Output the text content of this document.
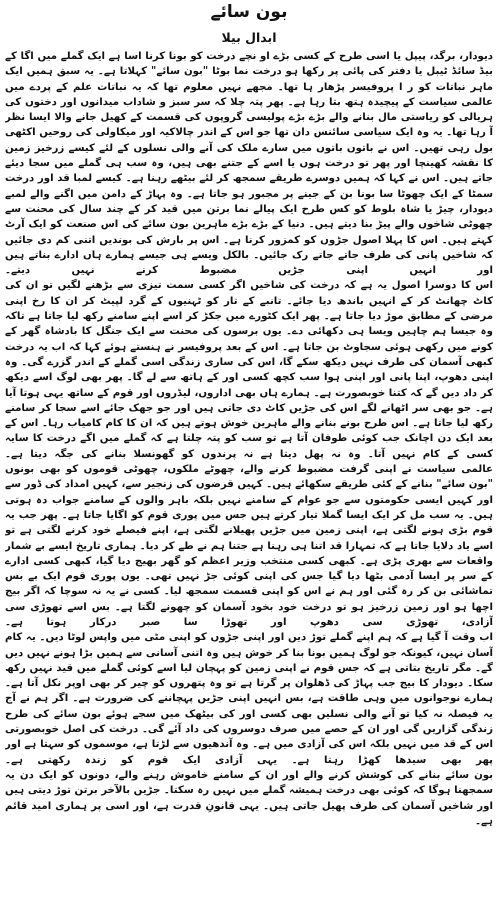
بون سائے
ابدال بیلا

دیودار، برگد، پیپل یا اسی طرح کے کسی بڑے او نچے درخت کو بونا کرنا اسا ہے ایک گملے میں اگا کے بیڈ سائڈ ٹیبل یا دفتر کی پائی پر رکھا ہو درخت نما بوٹا "بون سائے" کہلاتا ہے۔ یہ سبق ہمیں ایک ماہر نباتات کو ر ا پروفیسر پڑھار ہا تھا۔ مجھے نہیں معلوم تھا کہ یہ نباتات علم کے پردے میں عالمی سیاست کے پیچیدہ ہتھ بتا رہا ہے۔ پھر پتہ چلا کہ سر سبز و شاداب میدانوں اور دختوں کی ہریالی کو ریاستی مال بنانے والے بڑے بڑے پولیسی گروپوں کی قسمت کے کھیل جانے والا ایسا نظر آ رہا تھا۔ یہ وہ ایک سیاسی سائنس دان تھا جو اس کے اندر چالاکیہ اور میکاولی کی روحیں اکٹھی بول رہی تھیں۔ اس نے باتوں باتوں میں سارے ملک کی آنے والی نسلوں کے لئے کیسے زرخیز زمین کا نقشہ کھینچا اور پھر تو درخت ہوں یا اسے کے جتنے بھی ہیں، وہ سب ہی گملے میں سجا دیئے جاتے ہیں۔ اس نے کہا کہ ہمیں دوسرے طریقے سمجھ کر لئے بیٹھے رہنا ہے۔ کیسے لمبا قد اور درخت سمٹا کے ایک چھوٹا سا بونا بن کے جینے پر مجبور ہو جاتا ہے۔ وہ پہاڑ کے دامن میں اگنے والے لمبے دیودار، چیڑ یا شاہ بلوط کو کس طرح ایک پیالے نما برتن میں قید کر کے چند سال کی محنت سے چھوٹی شاخوں والے پیڑ بنا دیتے ہیں۔ دنیا کے بڑے بڑے ماہرین بون سائے کی اس صنعت کو ایک آرٹ کہتے ہیں۔ اس کا پہلا اصول جڑوں کو کمزور کرنا ہے۔ اس پر بارش کی بوندیں اتنی کم دی جائیں کہ شاخیں پانی کی طرف جاتے جاتے رک جائیں۔ بالکل ویسے ہی جیسے ہمارے ہاں ادارے بناتے ہیں اور انہیں اپنی جڑیں مضبوط کرنے نہیں دیتے۔

اس کا دوسرا اصول یہ ہے کہ درخت کی شاخیں اگر کسی سمت تیزی سے بڑھنے لگیں تو ان کی کاٹ چھانٹ کر کے انہیں باندھ دیا جائے۔ تانبے کے تار کو ٹہنیوں کے گرد لپیٹ کر ان کا رخ اپنی مرضی کے مطابق موڑ دیا جاتا ہے۔ پھر ایک کٹورے میں جکڑ کر اسے اپنے سامنے رکھ لیا جاتا ہے تاکہ وہ جیسا ہم چاہیں ویسا ہی دکھائی دے۔ یوں برسوں کی محنت سے ایک جنگل کا بادشاہ گھر کے کونے میں رکھی ہوئی سجاوٹ بن جاتا ہے۔ اس کے بعد پروفیسر نے ہنستے ہوئے کہا کہ اب یہ درخت کبھی آسمان کی طرف نہیں دیکھ سکے گا، اس کی ساری زندگی اسی گملے کے اندر گزرے گی۔ وہ اپنی دھوپ، اپنا پانی اور اپنی ہوا سب کچھ کسی اور کے ہاتھ سے لے گا۔ پھر بھی لوگ اسے دیکھ کر داد دیں گے کہ کتنا خوبصورت ہے۔ ہمارے ہاں بھی اداروں، لیڈروں اور قوم کے ساتھ یہی ہوتا آیا ہے۔ جو بھی سر اٹھانے لگے اس کی جڑیں کاٹ دی جاتی ہیں اور جو جھک جائے اسے سجا کر سامنے رکھ لیا جاتا ہے۔ اس طرح بونے بنانے والے ماہرین خوش ہوتے ہیں کہ ان کا کام کامیاب رہا۔ اس کے بعد ایک دن اچانک جب کوئی طوفان آتا ہے تو سب کو پتہ چلتا ہے کہ گملے میں اگے درخت کا سایہ کسی کے کام نہیں آتا۔ وہ نہ پھل دیتا ہے نہ پرندوں کو گھونسلا بنانے کی جگہ دیتا ہے۔

عالمی سیاست نے اپنی گرفت مضبوط کرنے والے، چھوٹے ملکوں، چھوٹی قوموں کو بھی بونوں "بون سائے" بنانے کے کئی طریقے سکھائے ہیں۔ کہیں قرضوں کی زنجیر سے، کہیں امداد کی ڈور سے اور کہیں ایسی حکومتوں سے جو عوام کے سامنے نہیں بلکہ باہر والوں کے سامنے جواب دہ ہوتی ہیں۔ یہ سب مل کر ایک ایسا گملا تیار کرتے ہیں جس میں پوری قوم کو اگایا جاتا ہے۔ پھر جب یہ قوم بڑی ہونے لگتی ہے، اپنی زمین میں جڑیں پھیلانے لگتی ہے، اپنے فیصلے خود کرنے لگتی ہے تو اسے یاد دلایا جاتا ہے کہ تمہارا قد اتنا ہی رہنا ہے جتنا ہم نے طے کر دیا۔ ہماری تاریخ ایسے بے شمار واقعات سے بھری پڑی ہے۔ کبھی کسی منتخب وزیر اعظم کو گھر بھیج دیا گیا، کبھی کسی ادارے کے سر پر ایسا آدمی بٹھا دیا گیا جس کی اپنی کوئی جڑ نہیں تھی۔ یوں پوری قوم ایک بے بس تماشائی بن کر رہ گئی اور ہم نے اس کو اپنی قسمت سمجھ لیا۔ کسی نے یہ نہ سوچا کہ اگر بیج اچھا ہو اور زمین زرخیز ہو تو درخت خود بخود آسمان کو چھونے لگتا ہے۔ بس اسے تھوڑی سی آزادی، تھوڑی سی دھوپ اور تھوڑا سا صبر درکار ہوتا ہے۔

اب وقت آ گیا ہے کہ ہم اپنے گملے توڑ دیں اور اپنی جڑوں کو اپنی مٹی میں واپس لوٹا دیں۔ یہ کام آسان نہیں، کیونکہ جو لوگ ہمیں بونا بنا کر خوش ہیں وہ اتنی آسانی سے ہمیں بڑا ہونے نہیں دیں گے۔ مگر تاریخ بتاتی ہے کہ جس قوم نے اپنی زمین کو پہچان لیا اسے کوئی گملے میں قید نہیں رکھ سکا۔ دیودار کا بیج جب پہاڑ کی ڈھلوان پر گرتا ہے تو وہ پتھروں کو چیر کر بھی اوپر نکل آتا ہے۔ ہمارے نوجوانوں میں وہی طاقت ہے، بس انہیں اپنی جڑیں پہچاننے کی ضرورت ہے۔ اگر ہم نے آج یہ فیصلہ نہ کیا تو آنے والی نسلیں بھی کسی اور کی بیٹھک میں سجے ہوئے بون سائے کی طرح زندگی گزاریں گی اور ان کے حصے میں صرف دوسروں کی داد آئے گی۔ درخت کی اصل خوبصورتی اس کے قد میں نہیں بلکہ اس کی آزادی میں ہے۔ وہ آندھیوں سے لڑتا ہے، موسموں کو سہتا ہے اور پھر بھی سیدھا کھڑا رہتا ہے۔ یہی آزادی ایک قوم کو زندہ رکھتی ہے۔

بون سائے بنانے کی کوشش کرنے والے اور ان کے سامنے خاموش رہنے والے، دونوں کو ایک دن یہ سمجھنا ہوگا کہ کوئی بھی درخت ہمیشہ گملے میں نہیں رہ سکتا۔ جڑیں بالآخر برتن توڑ دیتی ہیں اور شاخیں آسمان کی طرف پھیل جاتی ہیں۔ یہی قانونِ قدرت ہے، اور اسی پر ہماری امید قائم ہے۔
